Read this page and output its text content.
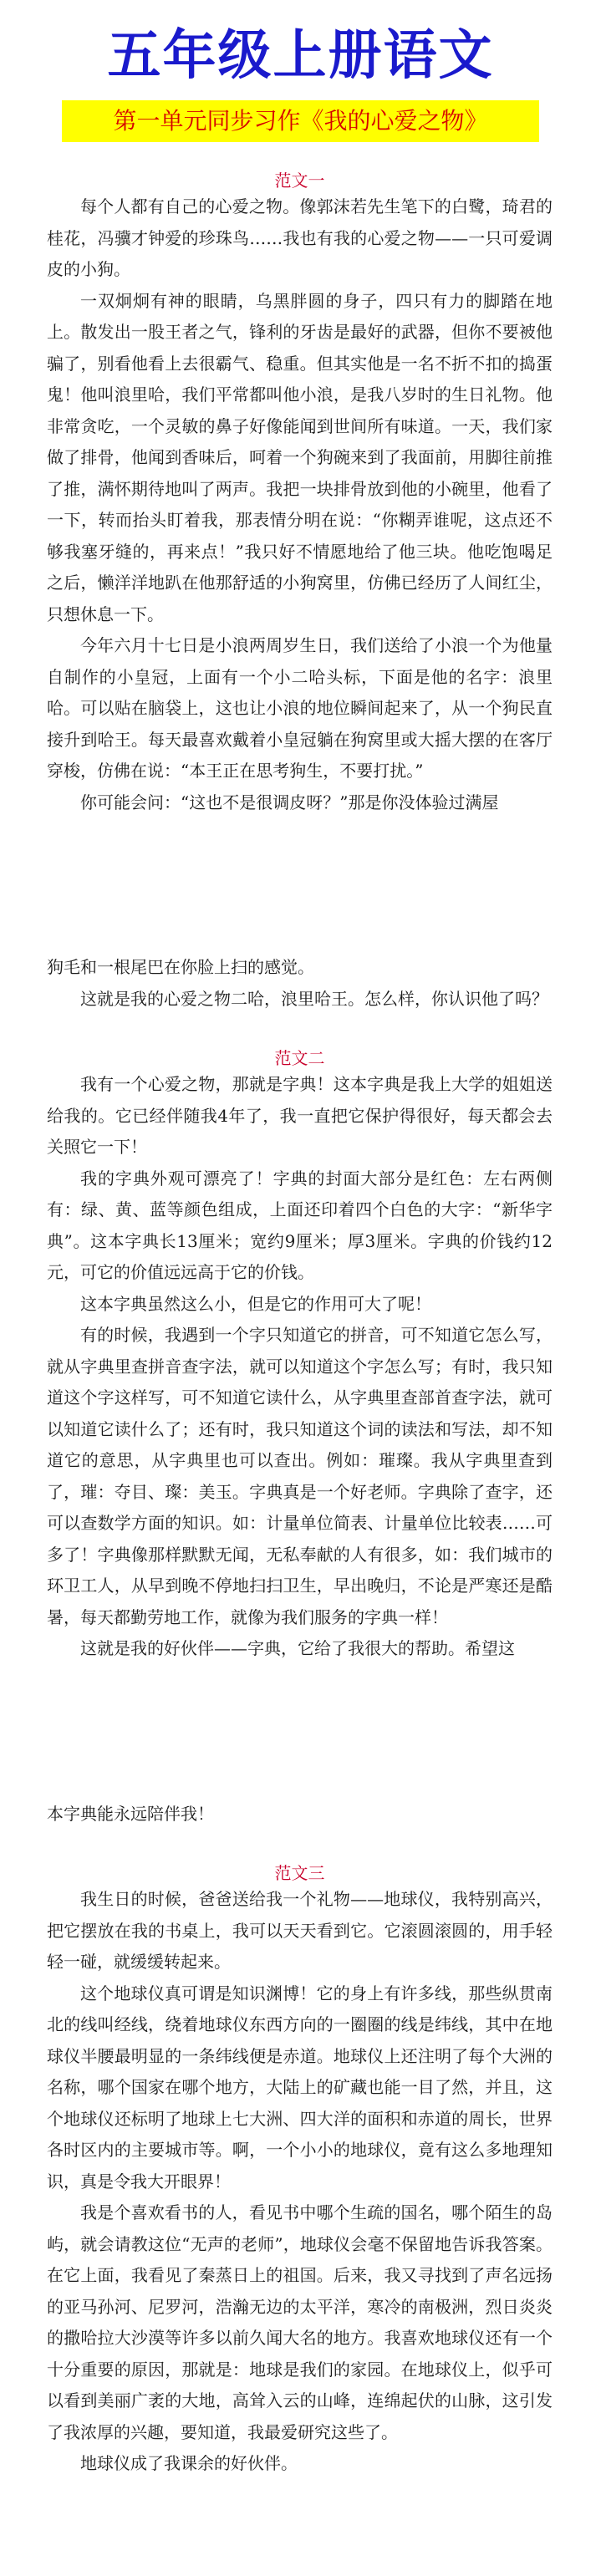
五年级上册语文
第一单元同步习作《我的心爱之物》
范文一

每个人都有自己的心爱之物。像郭沫若先生笔下的白鹭，琦君的桂花，冯骥才钟爱的珍珠鸟……我也有我的心爱之物——一只可爱调皮的小狗。

一双炯炯有神的眼睛，乌黑胖圆的身子，四只有力的脚踏在地上。散发出一股王者之气，锋利的牙齿是最好的武器，但你不要被他骗了，别看他看上去很霸气、稳重。但其实他是一名不折不扣的捣蛋鬼！他叫浪里哈，我们平常都叫他小浪，是我八岁时的生日礼物。他非常贪吃，一个灵敏的鼻子好像能闻到世间所有味道。一天，我们家做了排骨，他闻到香味后，呵着一个狗碗来到了我面前，用脚往前推了推，满怀期待地叫了两声。我把一块排骨放到他的小碗里，他看了一下，转而抬头盯着我，那表情分明在说：“你糊弄谁呢，这点还不够我塞牙缝的，再来点！”我只好不情愿地给了他三块。他吃饱喝足之后，懒洋洋地趴在他那舒适的小狗窝里，仿佛已经历了人间红尘，只想休息一下。

今年六月十七日是小浪两周岁生日，我们送给了小浪一个为他量自制作的小皇冠，上面有一个小二哈头标，下面是他的名字：浪里哈。可以贴在脑袋上，这也让小浪的地位瞬间起来了，从一个狗民直接升到哈王。每天最喜欢戴着小皇冠躺在狗窝里或大摇大摆的在客厅穿梭，仿佛在说：“本王正在思考狗生，不要打扰。”

你可能会问：“这也不是很调皮呀？”那是你没体验过满屋

狗毛和一根尾巴在你脸上扫的感觉。

这就是我的心爱之物二哈，浪里哈王。怎么样，你认识他了吗？

范文二

我有一个心爱之物，那就是字典！这本字典是我上大学的姐姐送给我的。它已经伴随我4年了，我一直把它保护得很好，每天都会去关照它一下！

我的字典外观可漂亮了！字典的封面大部分是红色：左右两侧有：绿、黄、蓝等颜色组成，上面还印着四个白色的大字：“新华字典”。这本字典长13厘米；宽约9厘米；厚3厘米。字典的价钱约12元，可它的价值远远高于它的价钱。

这本字典虽然这么小，但是它的作用可大了呢！

有的时候，我遇到一个字只知道它的拼音，可不知道它怎么写，就从字典里查拼音查字法，就可以知道这个字怎么写；有时，我只知道这个字这样写，可不知道它读什么，从字典里查部首查字法，就可以知道它读什么了；还有时，我只知道这个词的读法和写法，却不知道它的意思，从字典里也可以查出。例如：璀璨。我从字典里查到了，璀：夺目、璨：美玉。字典真是一个好老师。字典除了查字，还可以查数学方面的知识。如：计量单位简表、计量单位比较表……可多了！字典像那样默默无闻，无私奉献的人有很多，如：我们城市的环卫工人，从早到晚不停地扫扫卫生，早出晚归，不论是严寒还是酷暑，每天都勤劳地工作，就像为我们服务的字典一样！

这就是我的好伙伴——字典，它给了我很大的帮助。希望这

本字典能永远陪伴我！

范文三

我生日的时候，爸爸送给我一个礼物——地球仪，我特别高兴，把它摆放在我的书桌上，我可以天天看到它。它滚圆滚圆的，用手轻轻一碰，就缓缓转起来。

这个地球仪真可谓是知识渊博！它的身上有许多线，那些纵贯南北的线叫经线，绕着地球仪东西方向的一圈圈的线是纬线，其中在地球仪半腰最明显的一条纬线便是赤道。地球仪上还注明了每个大洲的名称，哪个国家在哪个地方，大陆上的矿藏也能一目了然，并且，这个地球仪还标明了地球上七大洲、四大洋的面积和赤道的周长，世界各时区内的主要城市等。啊，一个小小的地球仪，竟有这么多地理知识，真是令我大开眼界！

我是个喜欢看书的人，看见书中哪个生疏的国名，哪个陌生的岛屿，就会请教这位“无声的老师”，地球仪会毫不保留地告诉我答案。在它上面，我看见了秦蒸日上的祖国。后来，我又寻找到了声名远扬的亚马孙河、尼罗河，浩瀚无边的太平洋，寒冷的南极洲，烈日炎炎的撒哈拉大沙漠等许多以前久闻大名的地方。我喜欢地球仪还有一个十分重要的原因，那就是：地球是我们的家园。在地球仪上，似乎可以看到美丽广袤的大地，高耸入云的山峰，连绵起伏的山脉，这引发了我浓厚的兴趣，要知道，我最爱研究这些了。

地球仪成了我课余的好伙伴。
